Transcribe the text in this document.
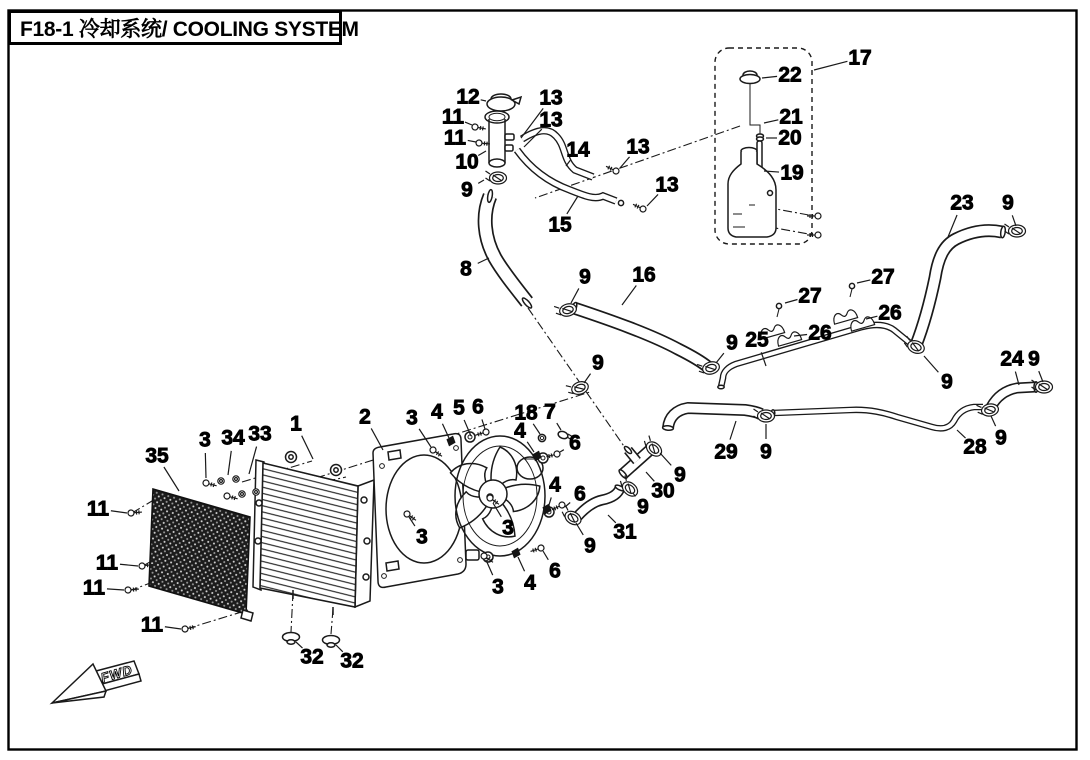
FWD
1	2 3 4 5 6 18 7
4
6
3 34 33
35
8
12
11
11
10
9
13
13
14 13
13
15
17
22
21
20
19
23 9
9 16	27
26
27
26
9 25
9
9
24 9
9
28
29 9
9
30
9
31
9
3	3
3 4
6
4 6
11
11
11
11
32 32
F18-1 冷却系统/ COOLING SYSTEM
